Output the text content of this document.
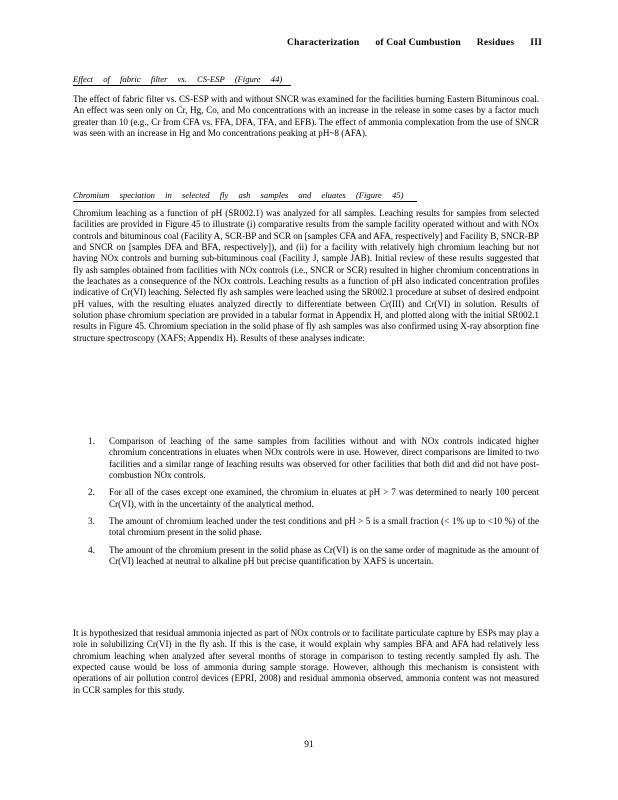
Characterization of Coal Cumbustion Residues III
Effect of fabric filter vs. CS-ESP (Figure 44)
The effect of fabric filter vs. CS-ESP with and without SNCR was examined for the facilities burning Eastern Bituminous coal. An effect was seen only on Cr, Hg, Co, and Mo concentrations with an increase in the release in some cases by a factor much greater than 10 (e.g., Cr from CFA vs. FFA, DFA, TFA, and EFB). The effect of ammonia complexation from the use of SNCR was seen with an increase in Hg and Mo concentrations peaking at pH~8 (AFA).
Chromium speciation in selected fly ash samples and eluates (Figure 45)
Chromium leaching as a function of pH (SR002.1) was analyzed for all samples. Leaching results for samples from selected facilities are provided in Figure 45 to illustrate (i) comparative results from the sample facility operated without and with NOx controls and bituminous coal (Facility A, SCR-BP and SCR on [samples CFA and AFA, respectively] and Facility B, SNCR-BP and SNCR on [samples DFA and BFA, respectively]), and (ii) for a facility with relatively high chromium leaching but not having NOx controls and burning sub-bituminous coal (Facility J, sample JAB). Initial review of these results suggested that fly ash samples obtained from facilities with NOx controls (i.e., SNCR or SCR) resulted in higher chromium concentrations in the leachates as a consequence of the NOx controls. Leaching results as a function of pH also indicated concentration profiles indicative of Cr(VI) leaching. Selected fly ash samples were leached using the SR002.1 procedure at subset of desired endpoint pH values, with the resulting eluates analyzed directly to differentiate between Cr(III) and Cr(VI) in solution. Results of solution phase chromium speciation are provided in a tabular format in Appendix H, and plotted along with the initial SR002.1 results in Figure 45. Chromium speciation in the solid phase of fly ash samples was also confirmed using X-ray absorption fine structure spectroscopy (XAFS; Appendix H). Results of these analyses indicate:
1. Comparison of leaching of the same samples from facilities without and with NOx controls indicated higher chromium concentrations in eluates when NOx controls were in use. However, direct comparisons are limited to two facilities and a similar range of leaching results was observed for other facilities that both did and did not have post-combustion NOx controls.
2. For all of the cases except one examined, the chromium in eluates at pH > 7 was determined to nearly 100 percent Cr(VI), with in the uncertainty of the analytical method.
3. The amount of chromium leached under the test conditions and pH > 5 is a small fraction (< 1% up to <10 %) of the total chromium present in the solid phase.
4. The amount of the chromium present in the solid phase as Cr(VI) is on the same order of magnitude as the amount of Cr(VI) leached at neutral to alkaline pH but precise quantification by XAFS is uncertain.
It is hypothesized that residual ammonia injected as part of NOx controls or to facilitate particulate capture by ESPs may play a role in solubilizing Cr(VI) in the fly ash. If this is the case, it would explain why samples BFA and AFA had relatively less chromium leaching when analyzed after several months of storage in comparison to testing recently sampled fly ash. The expected cause would be loss of ammonia during sample storage. However, although this mechanism is consistent with operations of air pollution control devices (EPRI, 2008) and residual ammonia observed, ammonia content was not measured in CCR samples for this study.
91
